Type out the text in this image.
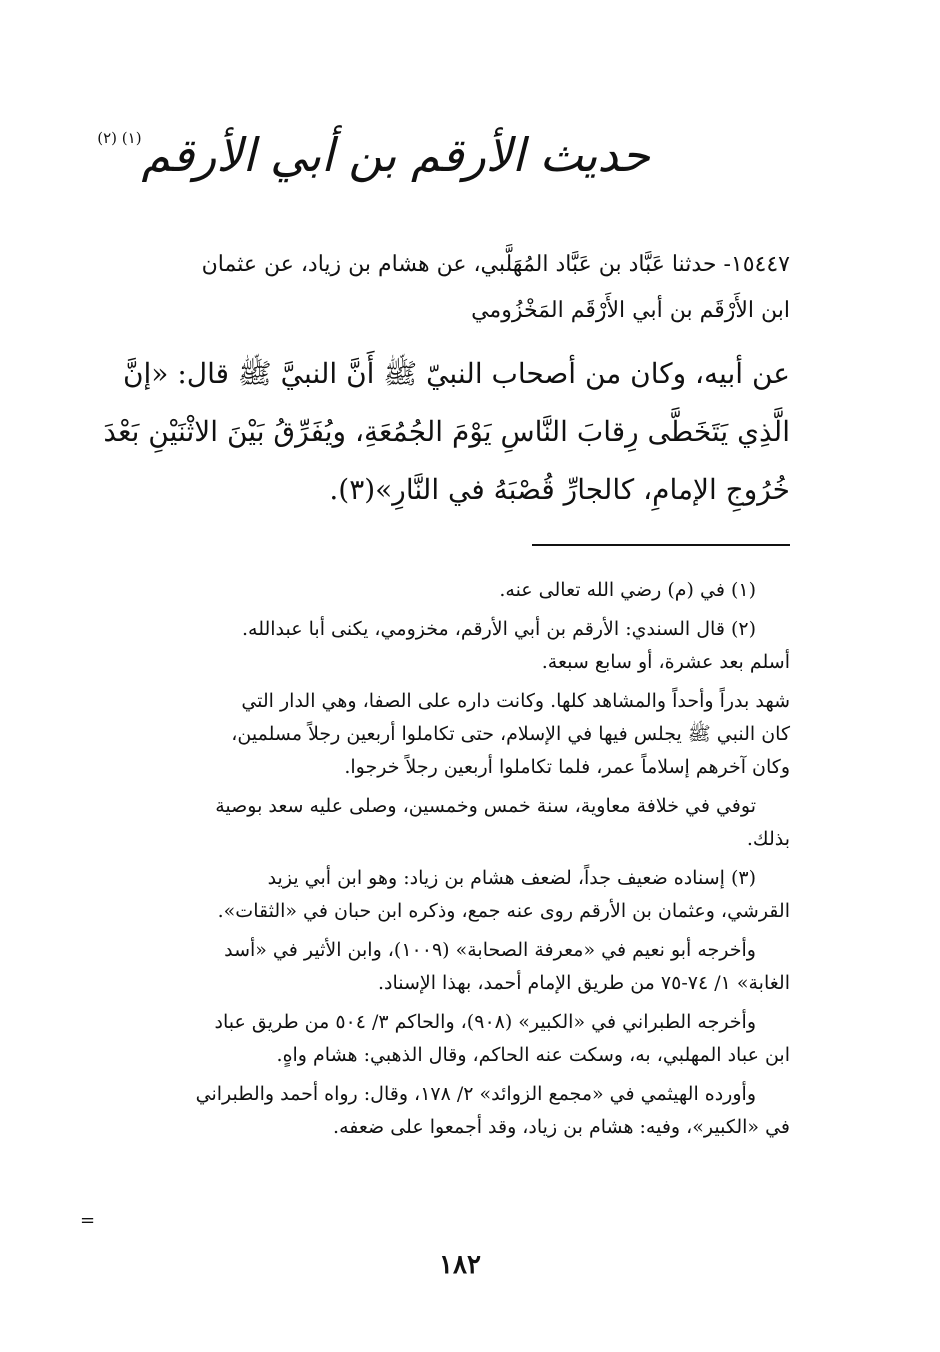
حديث الأرقم بن أبي الأرقم$^{(١) (٢)}$
١٥٤٤٧- حدثنا عَبَّاد بن عَبَّاد المُهَلَّبي، عن هشام بن زياد، عن عثمان
ابن الأَرْقَم بن أبي الأَرْقَم المَخْزُومي
عن أبيه، وكان من أصحاب النبيّ ﷺ أَنَّ النبيَّ ﷺ قال: «إنَّ
الَّذِي يَتَخَطَّى رِقابَ النَّاسِ يَوْمَ الجُمُعَةِ، ويُفَرِّقُ بَيْنَ الاثْنَيْنِ بَعْدَ
خُرُوجِ الإمامِ، كالجارِّ قُصْبَهُ في النَّارِ»(٣).
(١) في (م) رضي الله تعالى عنه.
(٢) قال السندي: الأرقم بن أبي الأرقم، مخزومي، يكنى أبا عبدالله.
أسلم بعد عشرة، أو سابع سبعة.
شهد بدراً وأحداً والمشاهد كلها. وكانت داره على الصفا، وهي الدار التي
كان النبي ﷺ يجلس فيها في الإسلام، حتى تكاملوا أربعين رجلاً مسلمين،
وكان آخرهم إسلاماً عمر، فلما تكاملوا أربعين رجلاً خرجوا.
توفي في خلافة معاوية، سنة خمس وخمسين، وصلى عليه سعد بوصية
بذلك.
(٣) إسناده ضعيف جداً، لضعف هشام بن زياد: وهو ابن أبي يزيد
القرشي، وعثمان بن الأرقم روى عنه جمع، وذكره ابن حبان في «الثقات».
وأخرجه أبو نعيم في «معرفة الصحابة» (١٠٠٩)، وابن الأثير في «أسد
الغابة» ١/ ٧٤-٧٥ من طريق الإمام أحمد، بهذا الإسناد.
وأخرجه الطبراني في «الكبير» (٩٠٨)، والحاكم ٣/ ٥٠٤ من طريق عباد
ابن عباد المهلبي، به، وسكت عنه الحاكم، وقال الذهبي: هشام واهٍ.
وأورده الهيثمي في «مجمع الزوائد» ٢/ ١٧٨، وقال: رواه أحمد والطبراني
في «الكبير»، وفيه: هشام بن زياد، وقد أجمعوا على ضعفه.
=
١٨٢
